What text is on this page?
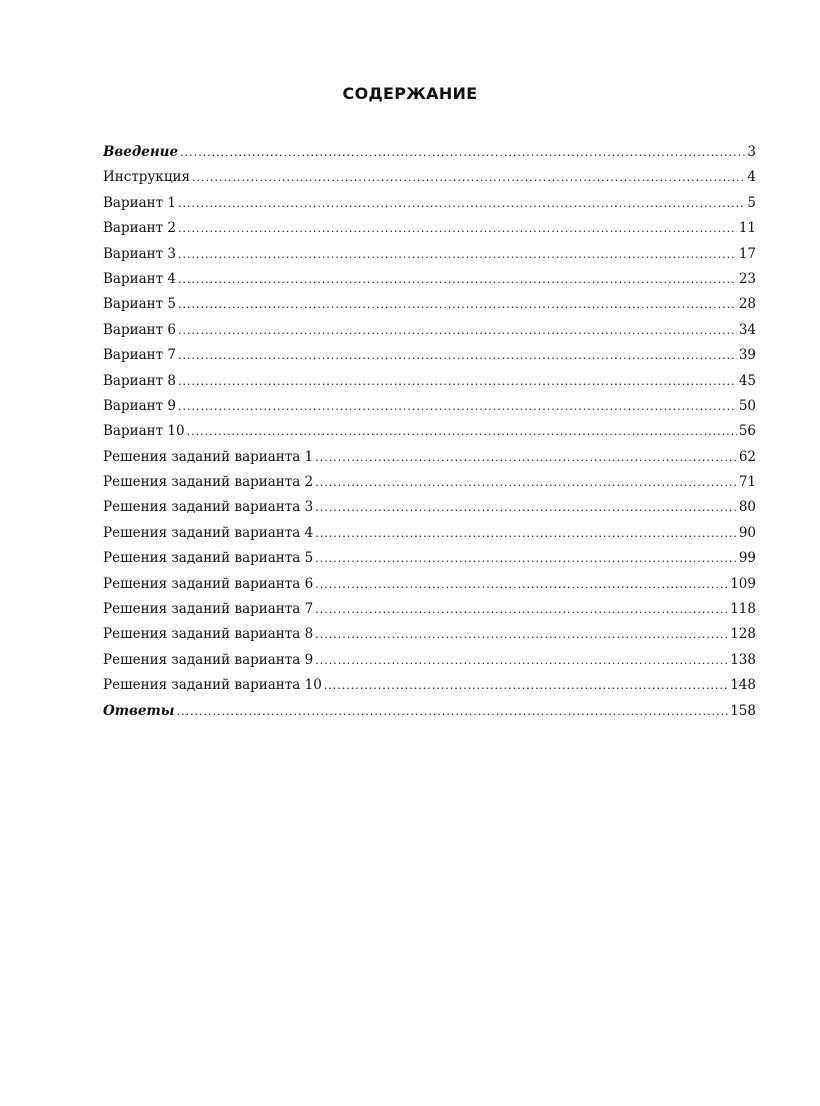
СОДЕРЖАНИЕ
Введение .....	3
Инструкция .....	4
Вариант 1 .....	5
Вариант 2 .....	11
Вариант 3 .....	17
Вариант 4 .....	23
Вариант 5 .....	28
Вариант 6 .....	34
Вариант 7 .....	39
Вариант 8 .....	45
Вариант 9 .....	50
Вариант 10 .....	56
Решения заданий варианта 1 .....	62
Решения заданий варианта 2 .....	71
Решения заданий варианта 3 .....	80
Решения заданий варианта 4 .....	90
Решения заданий варианта 5 .....	99
Решения заданий варианта 6 .....	109
Решения заданий варианта 7 .....	118
Решения заданий варианта 8 .....	128
Решения заданий варианта 9 .....	138
Решения заданий варианта 10 .....	148
Ответы .....	158
